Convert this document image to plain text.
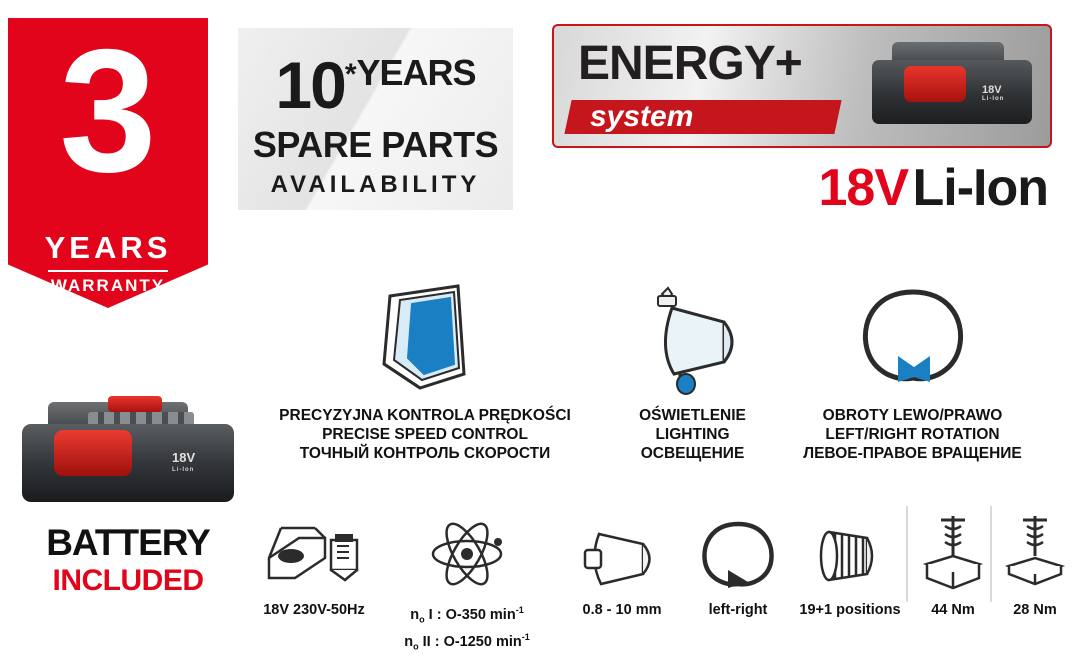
3
YEARS
WARRANTY
10*YEARS
SPARE PARTS
AVAILABILITY
ENERGY+
system
18V
Li-Ion
18V Li-Ion
18V
Li-Ion
BATTERY
INCLUDED
PRECYZYJNA KONTROLA PRĘDKOŚCI
PRECISE SPEED CONTROL
ТОЧНЫЙ КОНТРОЛЬ СКОРОСТИ
OŚWIETLENIE
LIGHTING
ОСВЕЩЕНИЕ
OBROTY LEWO/PRAWO
LEFT/RIGHT ROTATION
ЛЕВОЕ-ПРАВОЕ ВРАЩЕНИЕ
18V 230V-50Hz	$n_o$ I : O-350 $\min^{-1}$
$n_o$ II : O-1250 $\min^{-1}$
0.8 - 10 mm	left-right	19+1 positions	44 Nm	28 Nm
